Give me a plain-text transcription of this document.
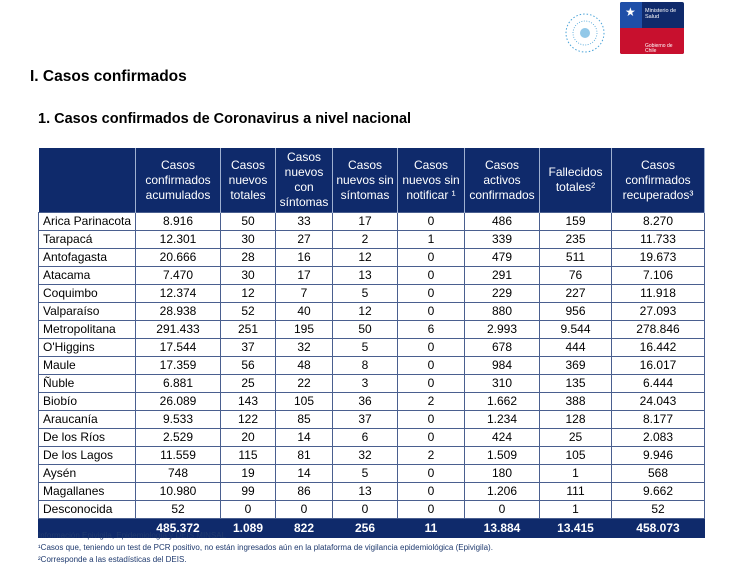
★ Ministerio de Salud
Gobierno de Chile
I. Casos confirmados
1. Casos confirmados de Coronavirus a nivel nacional
	Casos confirmados acumulados	Casos nuevos totales	Casos nuevos con síntomas	Casos nuevos sin síntomas	Casos nuevos sin notificar ¹	Casos activos confirmados	Fallecidos totales²	Casos confirmados recuperados³
Arica Parinacota	8.916	50	33	17	0	486	159	8.270
Tarapacá	12.301	30	27	2	1	339	235	11.733
Antofagasta	20.666	28	16	12	0	479	511	19.673
Atacama	7.470	30	17	13	0	291	76	7.106
Coquimbo	12.374	12	7	5	0	229	227	11.918
Valparaíso	28.938	52	40	12	0	880	956	27.093
Metropolitana	291.433	251	195	50	6	2.993	9.544	278.846
O'Higgins	17.544	37	32	5	0	678	444	16.442
Maule	17.359	56	48	8	0	984	369	16.017
Ñuble	6.881	25	22	3	0	310	135	6.444
Biobío	26.089	143	105	36	2	1.662	388	24.043
Araucanía	9.533	122	85	37	0	1.234	128	8.177
De los Ríos	2.529	20	14	6	0	424	25	2.083
De los Lagos	11.559	115	81	32	2	1.509	105	9.946
Aysén	748	19	14	5	0	180	1	568
Magallanes	10.980	99	86	13	0	1.206	111	9.662
Desconocida	52	0	0	0	0	0	1	52
	485.372	1.089	822	256	11	13.884	13.415	458.073
Información Epivigila, Epidemiología y DEIS MINSAL
¹Casos que, teniendo un test de PCR positivo, no están ingresados aún en la plataforma de vigilancia epidemiológica (Epivigila).
²Corresponde a las estadísticas del DEIS.
